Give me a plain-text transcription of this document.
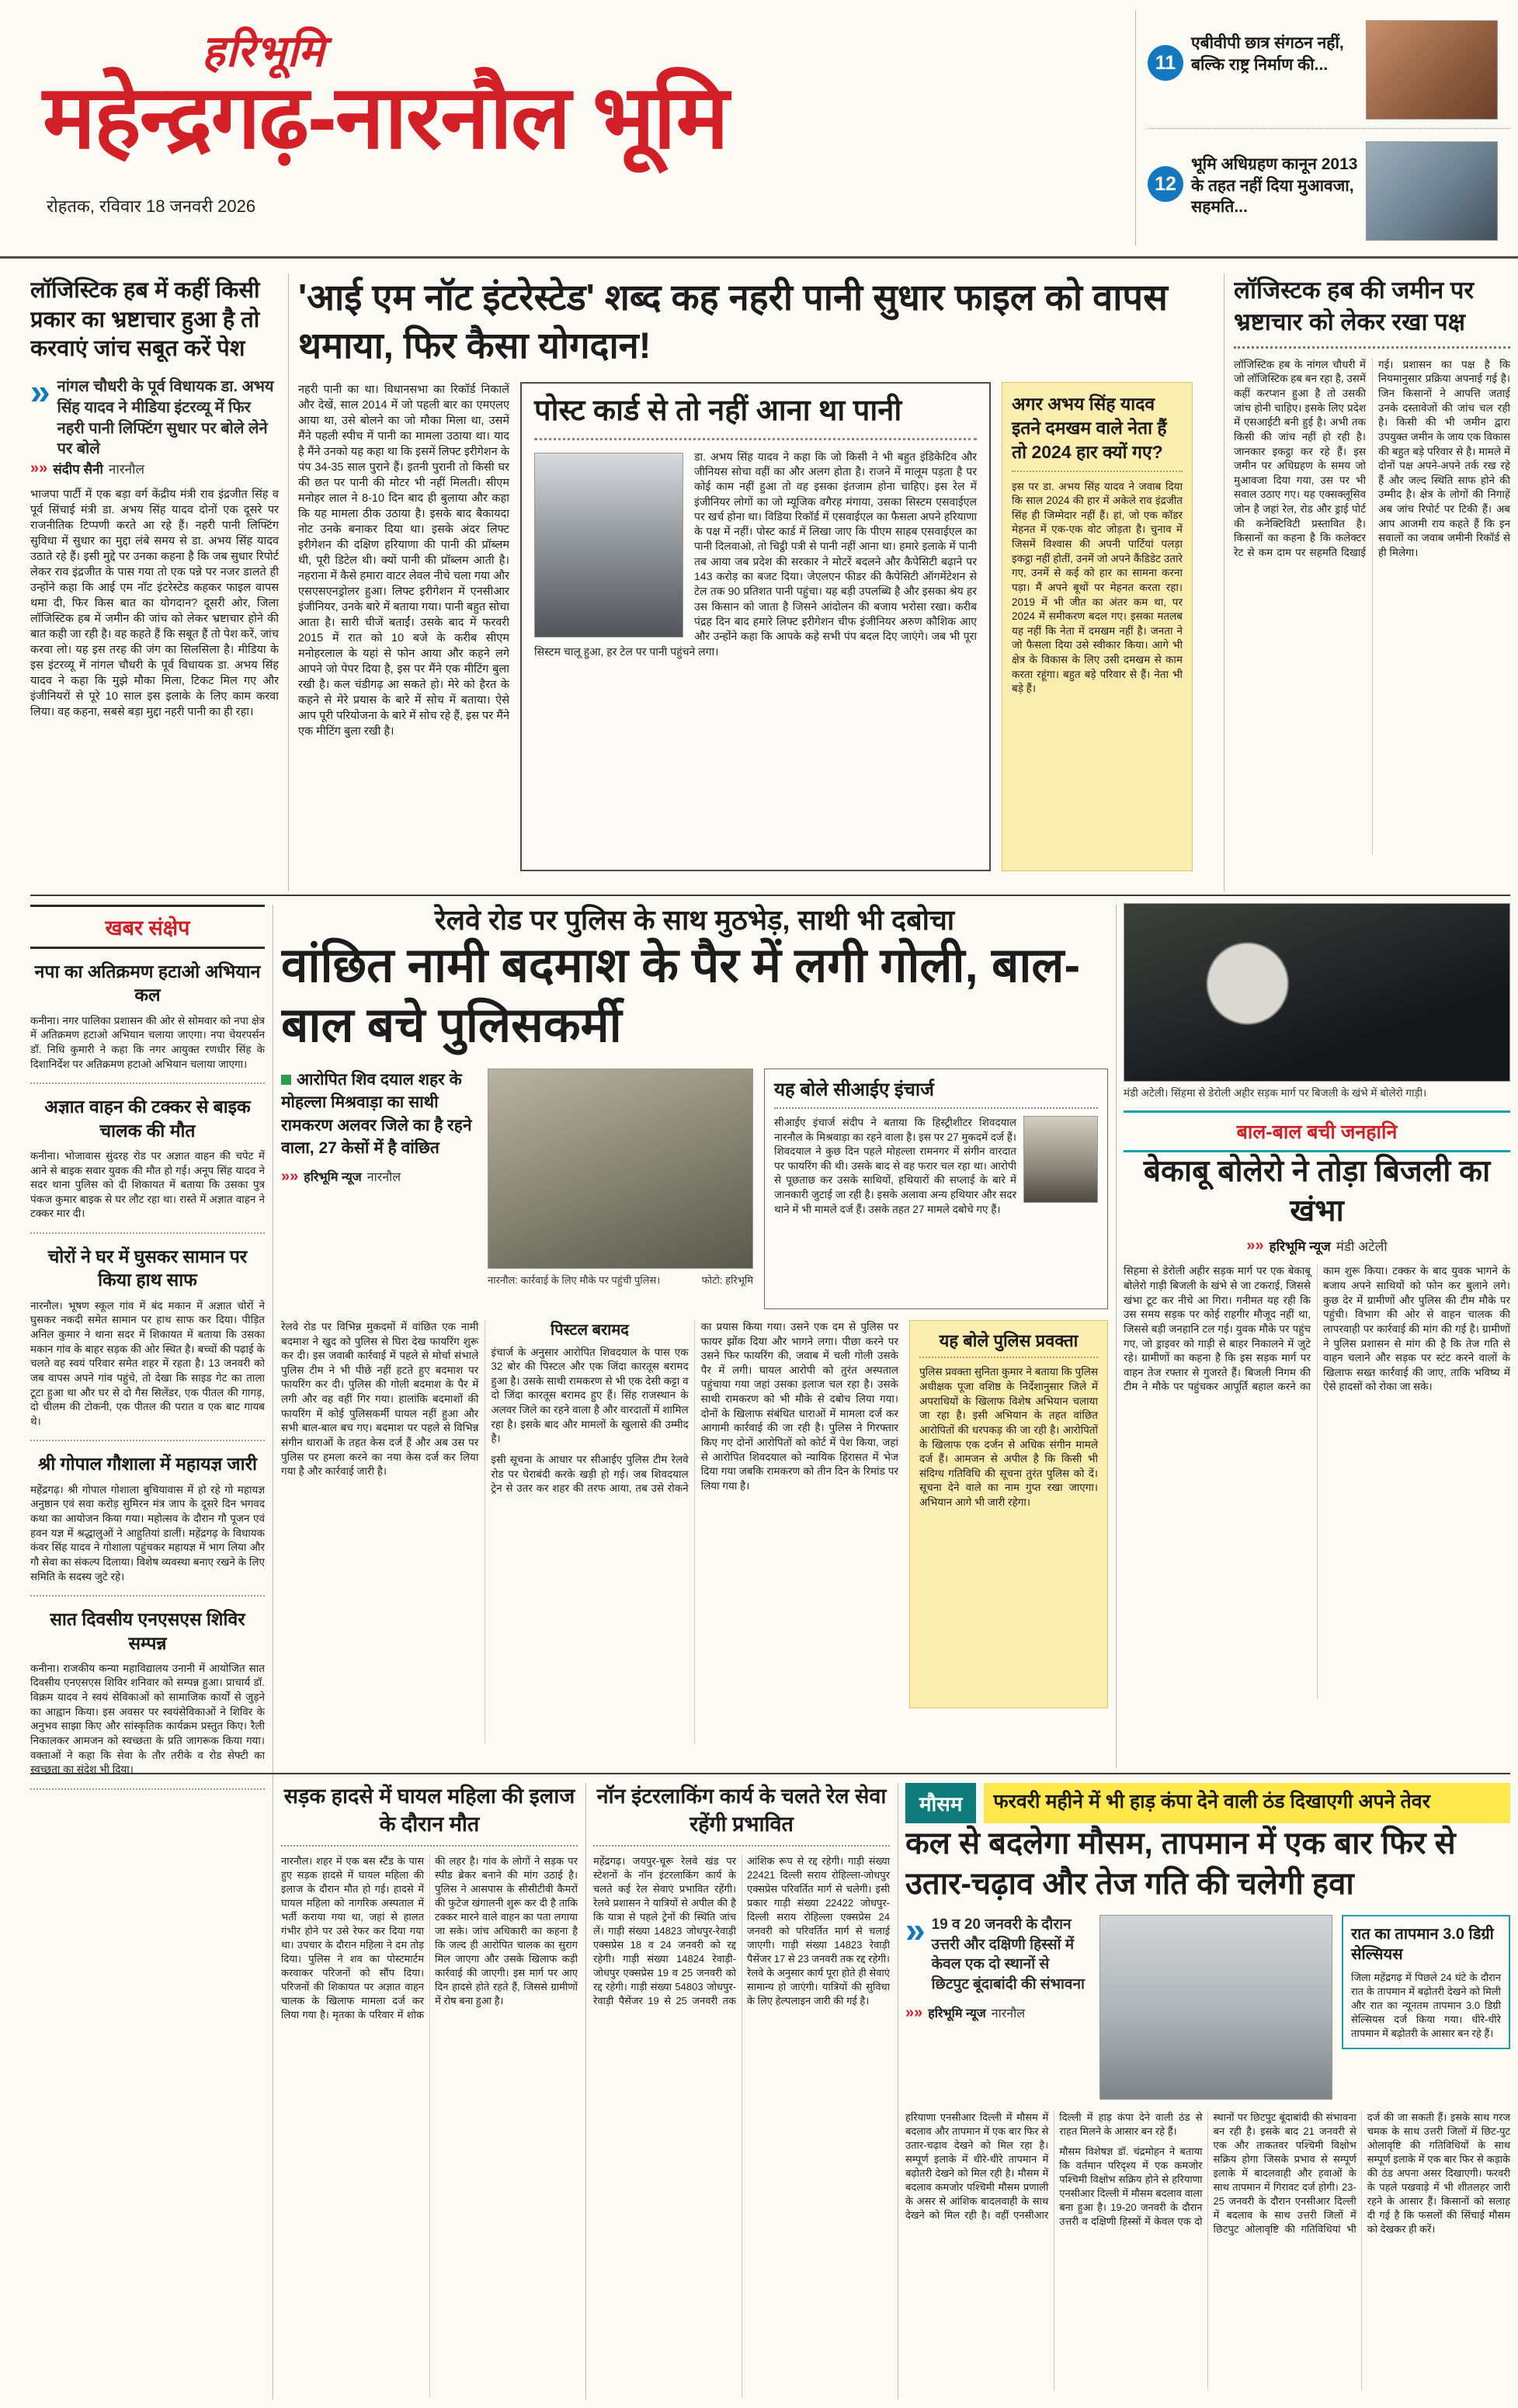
हरिभूमि
महेन्द्रगढ़-नारनौल भूमि
रोहतक, रविवार 18 जनवरी 2026
11
एबीवीपी छात्र संगठन नहीं, बल्कि राष्ट्र निर्माण की...
12
भूमि अधिग्रहण कानून 2013 के तहत नहीं दिया मुआवजा, सहमति...
लॉजिस्टिक हब में कहीं किसी प्रकार का भ्रष्टाचार हुआ है तो करवाएं जांच सबूत करें पेश
» नांगल चौधरी के पूर्व विधायक डा. अभय सिंह यादव ने मीडिया इंटरव्यू में फिर नहरी पानी लिफ्टिंग सुधार पर बोले लेने पर बोले
»» संदीप सैनी नारनौल
भाजपा पार्टी में एक बड़ा वर्ग केंद्रीय मंत्री राव इंद्रजीत सिंह व पूर्व सिंचाई मंत्री डा. अभय सिंह यादव दोनों एक दूसरे पर राजनीतिक टिप्पणी करते आ रहे हैं। नहरी पानी लिफ्टिंग सुविधा में सुधार का मुद्दा लंबे समय से डा. अभय सिंह यादव उठाते रहे हैं। इसी मुद्दे पर उनका कहना है कि जब सुधार रिपोर्ट लेकर राव इंद्रजीत के पास गया तो एक पन्ने पर नजर डालते ही उन्होंने कहा कि आई एम नॉट इंटरेस्टेड कहकर फाइल वापस थमा दी, फिर किस बात का योगदान? दूसरी ओर, जिला लॉजिस्टिक हब में जमीन की जांच को लेकर भ्रष्टाचार होने की बात कही जा रही है। वह कहते हैं कि सबूत हैं तो पेश करें, जांच करवा लो। यह इस तरह की जंग का सिलसिला है। मीडिया के इस इंटरव्यू में नांगल चौधरी के पूर्व विधायक डा. अभय सिंह यादव ने कहा कि मुझे मौका मिला, टिकट मिल गए और इंजीनियरों से पूरे 10 साल इस इलाके के लिए काम करवा लिया। वह कहना, सबसे बड़ा मुद्दा नहरी पानी का ही रहा।
'आई एम नॉट इंटरेस्टेड' शब्द कह नहरी पानी सुधार फाइल को वापस थमाया, फिर कैसा योगदान!
नहरी पानी का था। विधानसभा का रिकॉर्ड निकालें और देखें, साल 2014 में जो पहली बार का एमएलए आया था, उसे बोलने का जो मौका मिला था, उसमें मैंने पहली स्पीच में पानी का मामला उठाया था। याद है मैंने उनको यह कहा था कि इसमें लिफ्ट इरीगेशन के पंप 34-35 साल पुराने हैं। इतनी पुरानी तो किसी घर की छत पर पानी की मोटर भी नहीं मिलती। सीएम मनोहर लाल ने 8-10 दिन बाद ही बुलाया और कहा कि यह मामला ठीक उठाया है। इसके बाद बैकायदा नोट उनके बनाकर दिया था। इसके अंदर लिफ्ट इरीगेशन की दक्षिण हरियाणा की पानी की प्रॉब्लम थी, पूरी डिटेल थी। क्यों पानी की प्रॉब्लम आती है। नहराना में कैसे हमारा वाटर लेवल नीचे चला गया और एसएसएनड्रोलर हुआ। लिफ्ट इरीगेशन में एनसीआर इंजीनियर, उनके बारे में बताया गया। पानी बहुत सोचा आता है। सारी चीजें बताईं। उसके बाद में फरवरी 2015 में रात को 10 बजे के करीब सीएम मनोहरलाल के यहां से फोन आया और कहने लगे आपने जो पेपर दिया है, इस पर मैंने एक मीटिंग बुला रखी है। कल चंडीगढ़ आ सकते हो। मेरे को हैरत के कहने से मेरे प्रयास के बारे में सोच में बताया। ऐसे आप पूरी परियोजना के बारे में सोच रहे हैं, इस पर मैंने एक मीटिंग बुला रखी है।
पोस्ट कार्ड से तो नहीं आना था पानी
डा. अभय सिंह यादव ने कहा कि जो किसी ने भी बहुत इंडिकेटिव और जीनियस सोचा वहीं का और अलग होता है। राजने में मालूम पड़ता है पर कोई काम नहीं हुआ तो वह इसका इंतजाम होना चाहिए। इस रेल में इंजीनियर लोगों का जो म्यूजिक वगैरह मंगाया, उसका सिस्टम एसवाईएल पर खर्च होना था। विडिया रिकॉर्ड में एसवाईएल का फैसला अपने हरियाणा के पक्ष में नहीं। पोस्ट कार्ड में लिखा जाए कि पीएम साहब एसवाईएल का पानी दिलवाओ, तो चिट्ठी पत्री से पानी नहीं आना था। हमारे इलाके में पानी तब आया जब प्रदेश की सरकार ने मोटरें बदलने और कैपेसिटी बढ़ाने पर 143 करोड़ का बजट दिया। जेएलएन फीडर की कैपेसिटी ऑगमेंटेशन से टेल तक 90 प्रतिशत पानी पहुंचा। यह बड़ी उपलब्धि है और इसका श्रेय हर उस किसान को जाता है जिसने आंदोलन की बजाय भरोसा रखा। करीब पंद्रह दिन बाद हमारे लिफ्ट इरीगेशन चीफ इंजीनियर अरुण कौशिक आए और उन्होंने कहा कि आपके कहे सभी पंप बदल दिए जाएंगे। जब भी पूरा सिस्टम चालू हुआ, हर टेल पर पानी पहुंचने लगा।
अगर अभय सिंह यादव इतने दमखम वाले नेता हैं तो 2024 हार क्यों गए?
इस पर डा. अभय सिंह यादव ने जवाब दिया कि साल 2024 की हार में अकेले राव इंद्रजीत सिंह ही जिम्मेदार नहीं हैं। हां, जो एक कॉडर मेहनत में एक-एक वोट जोड़ता है। चुनाव में जिसमें विश्वास की अपनी पार्टियां पलड़ा इकट्ठा नहीं होतीं, उनमें जो अपने कैंडिडेट उतारे गए, उनमें से कई को हार का सामना करना पड़ा। मैं अपने बूथों पर मेहनत करता रहा। 2019 में भी जीत का अंतर कम था, पर 2024 में समीकरण बदल गए। इसका मतलब यह नहीं कि नेता में दमखम नहीं है। जनता ने जो फैसला दिया उसे स्वीकार किया। आगे भी क्षेत्र के विकास के लिए उसी दमखम से काम करता रहूंगा। बहुत बड़े परिवार से हैं। नेता भी बड़े हैं।
लॉजिस्टक हब की जमीन पर भ्रष्टाचार को लेकर रखा पक्ष
लॉजिस्टिक हब के नांगल चौधरी में जो लॉजिस्टिक हब बन रहा है, उसमें कहीं करप्शन हुआ है तो उसकी जांच होनी चाहिए। इसके लिए प्रदेश में एसआईटी बनी हुई है। अभी तक किसी की जांच नहीं हो रही है। जानकार इकट्ठा कर रहे हैं। इस जमीन पर अधिग्रहण के समय जो मुआवजा दिया गया, उस पर भी सवाल उठाए गए। यह एक्सक्लूसिव जोन है जहां रेल, रोड और ड्राई पोर्ट की कनेक्टिविटी प्रस्तावित है। किसानों का कहना है कि कलेक्टर रेट से कम दाम पर सहमति दिखाई गई। प्रशासन का पक्ष है कि नियमानुसार प्रक्रिया अपनाई गई है। जिन किसानों ने आपत्ति जताई उनके दस्तावेजों की जांच चल रही है। किसी की भी जमीन द्वारा उपयुक्त जमीन के जाय एक विकास की बहुत बड़े परिवार से है। मामले में दोनों पक्ष अपने-अपने तर्क रख रहे हैं और जल्द स्थिति साफ होने की उम्मीद है। क्षेत्र के लोगों की निगाहें अब जांच रिपोर्ट पर टिकी हैं। अब आप आजमी राय कहते हैं कि इन सवालों का जवाब जमीनी रिकॉर्ड से ही मिलेगा।
खबर संक्षेप
नपा का अतिक्रमण हटाओ अभियान कल
कनीना। नगर पालिका प्रशासन की ओर से सोमवार को नपा क्षेत्र में अतिक्रमण हटाओ अभियान चलाया जाएगा। नपा चेयरपर्सन डॉ. निधि कुमारी ने कहा कि नगर आयुक्त रणधीर सिंह के दिशानिर्देश पर अतिक्रमण हटाओ अभियान चलाया जाएगा।
अज्ञात वाहन की टक्कर से बाइक चालक की मौत
कनीना। भोजावास सुंदरह रोड पर अज्ञात वाहन की चपेट में आने से बाइक सवार युवक की मौत हो गई। अनूप सिंह यादव ने सदर थाना पुलिस को दी शिकायत में बताया कि उसका पुत्र पंकज कुमार बाइक से घर लौट रहा था। रास्ते में अज्ञात वाहन ने टक्कर मार दी।
चोरों ने घर में घुसकर सामान पर किया हाथ साफ
नारनौल। भूषण स्कूल गांव में बंद मकान में अज्ञात चोरों ने घुसकर नकदी समेत सामान पर हाथ साफ कर दिया। पीड़ित अनिल कुमार ने थाना सदर में शिकायत में बताया कि उसका मकान गांव के बाहर सड़क की ओर स्थित है। बच्चों की पढ़ाई के चलते वह स्वयं परिवार समेत शहर में रहता है। 13 जनवरी को जब वापस अपने गांव पहुंचे, तो देखा कि साइड गेट का ताला टूटा हुआ था और घर से दो गैस सिलेंडर, एक पीतल की गागड़, दो चीलम की टोकनी, एक पीतल की परात व एक बाट गायब थे।
श्री गोपाल गौशाला में महायज्ञ जारी
महेंद्रगढ़। श्री गोपाल गोशाला बुचियावास में हो रहे गो महायज्ञ अनुष्ठान एवं सवा करोड़ सुमिरन मंत्र जाप के दूसरे दिन भगवद कथा का आयोजन किया गया। महोत्सव के दौरान गौ पूजन एवं हवन यज्ञ में श्रद्धालुओं ने आहुतियां डालीं। महेंद्रगढ़ के विधायक कंवर सिंह यादव ने गोशाला पहुंचकर महायज्ञ में भाग लिया और गौ सेवा का संकल्प दिलाया। विशेष व्यवस्था बनाए रखने के लिए समिति के सदस्य जुटे रहे।
सात दिवसीय एनएसएस शिविर सम्पन्न
कनीना। राजकीय कन्या महाविद्यालय उनानी में आयोजित सात दिवसीय एनएसएस शिविर शनिवार को सम्पन्न हुआ। प्राचार्य डॉ. विक्रम यादव ने स्वयं सेविकाओं को सामाजिक कार्यों से जुड़ने का आह्वान किया। इस अवसर पर स्वयंसेविकाओं ने शिविर के अनुभव साझा किए और सांस्कृतिक कार्यक्रम प्रस्तुत किए। रैली निकालकर आमजन को स्वच्छता के प्रति जागरूक किया गया। वक्ताओं ने कहा कि सेवा के तौर तरीके व रोड सेफ्टी का स्वच्छता का संदेश भी दिया।
रेलवे रोड पर पुलिस के साथ मुठभेड़, साथी भी दबोचा
वांछित नामी बदमाश के पैर में लगी गोली, बाल-बाल बचे पुलिसकर्मी
आरोपित शिव दयाल शहर के मोहल्ला मिश्रवाड़ा का साथी रामकरण अलवर जिले का है रहने वाला, 27 केसों में है वांछित
»» हरिभूमि न्यूज नारनौल
नारनौल: कार्रवाई के लिए मौके पर पहुंची पुलिस।	फोटो: हरिभूमि
यह बोले सीआईए इंचार्ज
सीआईए इंचार्ज संदीप ने बताया कि हिस्ट्रीशीटर शिवदयाल नारनौल के मिश्रवाड़ा का रहने वाला है। इस पर 27 मुकदमें दर्ज हैं। शिवदयाल ने कुछ दिन पहले मोहल्ला रामनगर में संगीन वारदात पर फायरिंग की थी। उसके बाद से वह फरार चल रहा था। आरोपी से पूछताछ कर उसके साथियों, हथियारों की सप्लाई के बारे में जानकारी जुटाई जा रही है। इसके अलावा अन्य हथियार और सदर थाने में भी मामले दर्ज हैं। उसके तहत 27 मामले दबोचे गए हैं।
रेलवे रोड पर विभिन्न मुकदमों में वांछित एक नामी बदमाश ने खुद को पुलिस से घिरा देख फायरिंग शुरू कर दी। इस जवाबी कार्रवाई में पहले से मोर्चा संभाले पुलिस टीम ने भी पीछे नहीं हटते हुए बदमाश पर फायरिंग कर दी। पुलिस की गोली बदमाश के पैर में लगी और वह वहीं गिर गया। हालांकि बदमाशों की फायरिंग में कोई पुलिसकर्मी घायल नहीं हुआ और सभी बाल-बाल बच गए। बदमाश पर पहले से विभिन्न संगीन धाराओं के तहत केस दर्ज हैं और अब उस पर पुलिस पर हमला करने का नया केस दर्ज कर लिया गया है और कार्रवाई जारी है।
पिस्टल बरामद
इंचार्ज के अनुसार आरोपित शिवदयाल के पास एक 32 बोर की पिस्टल और एक जिंदा कारतूस बरामद हुआ है। उसके साथी रामकरण से भी एक देसी कट्टा व दो जिंदा कारतूस बरामद हुए हैं। सिंह राजस्थान के अलवर जिले का रहने वाला है और वारदातों में शामिल रहा है। इसके बाद और मामलों के खुलासे की उम्मीद है।
इसी सूचना के आधार पर सीआईए पुलिस टीम रेलवे रोड पर घेराबंदी करके खड़ी हो गई। जब शिवदयाल ट्रेन से उतर कर शहर की तरफ आया, तब उसे रोकने का प्रयास किया गया। उसने एक दम से पुलिस पर फायर झोंक दिया और भागने लगा। पीछा करने पर उसने फिर फायरिंग की, जवाब में चली गोली उसके पैर में लगी। घायल आरोपी को तुरंत अस्पताल पहुंचाया गया जहां उसका इलाज चल रहा है। उसके साथी रामकरण को भी मौके से दबोच लिया गया। दोनों के खिलाफ संबंधित धाराओं में मामला दर्ज कर आगामी कार्रवाई की जा रही है। पुलिस ने गिरफ्तार किए गए दोनों आरोपितों को कोर्ट में पेश किया, जहां से आरोपित शिवदयाल को न्यायिक हिरासत में भेज दिया गया जबकि रामकरण को तीन दिन के रिमांड पर लिया गया है।
यह बोले पुलिस प्रवक्ता
पुलिस प्रवक्ता सुनिता कुमार ने बताया कि पुलिस अधीक्षक पूजा वशिष्ठ के निर्देशानुसार जिले में अपराधियों के खिलाफ विशेष अभियान चलाया जा रहा है। इसी अभियान के तहत वांछित आरोपितों की धरपकड़ की जा रही है। आरोपितों के खिलाफ एक दर्जन से अधिक संगीन मामले दर्ज हैं। आमजन से अपील है कि किसी भी संदिग्ध गतिविधि की सूचना तुरंत पुलिस को दें। सूचना देने वाले का नाम गुप्त रखा जाएगा। अभियान आगे भी जारी रहेगा।
मंडी अटेली। सिंहमा से डेरोली अहीर सड़क मार्ग पर बिजली के खंभे में बोलेरो गाड़ी।
बाल-बाल बची जनहानि
बेकाबू बोलेरो ने तोड़ा बिजली का खंभा
»» हरिभूमि न्यूज मंडी अटेली
सिहमा से डेरोली अहीर सड़क मार्ग पर एक बेकाबू बोलेरो गाड़ी बिजली के खंभे से जा टकराई, जिससे खंभा टूट कर नीचे आ गिरा। गनीमत यह रही कि उस समय सड़क पर कोई राहगीर मौजूद नहीं था, जिससे बड़ी जनहानि टल गई। युवक मौके पर पहुंच गए, जो ड्राइवर को गाड़ी से बाहर निकालने में जुटे रहे। ग्रामीणों का कहना है कि इस सड़क मार्ग पर वाहन तेज रफ्तार से गुजरते हैं। बिजली निगम की टीम ने मौके पर पहुंचकर आपूर्ति बहाल करने का काम शुरू किया। टक्कर के बाद युवक भागने के बजाय अपने साथियों को फोन कर बुलाने लगे। कुछ देर में ग्रामीणों और पुलिस की टीम मौके पर पहुंची। विभाग की ओर से वाहन चालक की लापरवाही पर कार्रवाई की मांग की गई है। ग्रामीणों ने पुलिस प्रशासन से मांग की है कि तेज गति से वाहन चलाने और सड़क पर स्टंट करने वालों के खिलाफ सख्त कार्रवाई की जाए, ताकि भविष्य में ऐसे हादसों को रोका जा सके।
सड़क हादसे में घायल महिला की इलाज के दौरान मौत
नारनौल। शहर में एक बस स्टैंड के पास हुए सड़क हादसे में घायल महिला की इलाज के दौरान मौत हो गई। हादसे में घायल महिला को नागरिक अस्पताल में भर्ती कराया गया था, जहां से हालत गंभीर होने पर उसे रेफर कर दिया गया था। उपचार के दौरान महिला ने दम तोड़ दिया। पुलिस ने शव का पोस्टमार्टम करवाकर परिजनों को सौंप दिया। परिजनों की शिकायत पर अज्ञात वाहन चालक के खिलाफ मामला दर्ज कर लिया गया है। मृतका के परिवार में शोक की लहर है। गांव के लोगों ने सड़क पर स्पीड ब्रेकर बनाने की मांग उठाई है। पुलिस ने आसपास के सीसीटीवी कैमरों की फुटेज खंगालनी शुरू कर दी है ताकि टक्कर मारने वाले वाहन का पता लगाया जा सके। जांच अधिकारी का कहना है कि जल्द ही आरोपित चालक का सुराग मिल जाएगा और उसके खिलाफ कड़ी कार्रवाई की जाएगी। इस मार्ग पर आए दिन हादसे होते रहते हैं, जिससे ग्रामीणों में रोष बना हुआ है।
नॉन इंटरलाकिंग कार्य के चलते रेल सेवा रहेंगी प्रभावित
महेंद्रगढ़। जयपुर-चूरू रेलवे खंड पर स्टेशनों के नॉन इंटरलाकिंग कार्य के चलते कई रेल सेवाएं प्रभावित रहेंगी। रेलवे प्रशासन ने यात्रियों से अपील की है कि यात्रा से पहले ट्रेनों की स्थिति जांच लें। गाड़ी संख्या 14823 जोधपुर-रेवाड़ी एक्सप्रेस 18 व 24 जनवरी को रद्द रहेगी। गाड़ी संख्या 14824 रेवाड़ी-जोधपुर एक्सप्रेस 19 व 25 जनवरी को रद्द रहेगी। गाड़ी संख्या 54803 जोधपुर-रेवाड़ी पैसेंजर 19 से 25 जनवरी तक आंशिक रूप से रद्द रहेगी। गाड़ी संख्या 22421 दिल्ली सराय रोहिल्ला-जोधपुर एक्सप्रेस परिवर्तित मार्ग से चलेगी। इसी प्रकार गाड़ी संख्या 22422 जोधपुर-दिल्ली सराय रोहिल्ला एक्सप्रेस 24 जनवरी को परिवर्तित मार्ग से चलाई जाएगी। गाड़ी संख्या 14823 रेवाड़ी पैसेंजर 17 से 23 जनवरी तक रद्द रहेगी। रेलवे के अनुसार कार्य पूरा होते ही सेवाएं सामान्य हो जाएंगी। यात्रियों की सुविधा के लिए हेल्पलाइन जारी की गई है।
मौसम	फरवरी महीने में भी हाड़ कंपा देने वाली ठंड दिखाएगी अपने तेवर
कल से बदलेगा मौसम, तापमान में एक बार फिर से उतार-चढ़ाव और तेज गति की चलेगी हवा
» 19 व 20 जनवरी के दौरान उत्तरी और दक्षिणी हिस्सों में केवल एक दो स्थानों से छिटपुट बूंदाबांदी की संभावना
»» हरिभूमि न्यूज नारनौल
रात का तापमान 3.0 डिग्री सेल्सियस
जिला महेंद्रगढ़ में पिछले 24 घंटे के दौरान रात के तापमान में बढ़ोतरी देखने को मिली और रात का न्यूनतम तापमान 3.0 डिग्री सेल्सियस दर्ज किया गया। धीरे-धीरे तापमान में बढ़ोतरी के आसार बन रहे हैं।
हरियाणा एनसीआर दिल्ली में मौसम में बदलाव और तापमान में एक बार फिर से उतार-चढ़ाव देखने को मिल रहा है। सम्पूर्ण इलाके में धीरे-धीरे तापमान में बढ़ोतरी देखने को मिल रही है। मौसम में बदलाव कमजोर पश्चिमी मौसम प्रणाली के असर से आंशिक बादलवाही के साथ देखने को मिल रही है। वहीं एनसीआर दिल्ली में हाड़ कंपा देने वाली ठंड से राहत मिलने के आसार बन रहे हैं।
मौसम विशेषज्ञ डॉ. चंद्रमोहन ने बताया कि वर्तमान परिदृश्य में एक कमजोर पश्चिमी विक्षोभ सक्रिय होने से हरियाणा एनसीआर दिल्ली में मौसम बदलाव वाला बना हुआ है। 19-20 जनवरी के दौरान उत्तरी व दक्षिणी हिस्सों में केवल एक दो स्थानों पर छिटपुट बूंदाबांदी की संभावना बन रही है। इसके बाद 21 जनवरी से एक और ताकतवर पश्चिमी विक्षोभ सक्रिय होगा जिसके प्रभाव से सम्पूर्ण इलाके में बादलवाही और हवाओं के साथ तापमान में गिरावट दर्ज होगी। 23-25 जनवरी के दौरान एनसीआर दिल्ली में बदलाव के साथ उत्तरी जिलों में छिटपुट ओलावृष्टि की गतिविधियां भी दर्ज की जा सकती हैं। इसके साथ गरज चमक के साथ उत्तरी जिलों में छिट-पुट ओलावृष्टि की गतिविधियों के साथ सम्पूर्ण इलाके में एक बार फिर से कड़ाके की ठंड अपना असर दिखाएगी। फरवरी के पहले पखवाड़े में भी शीतलहर जारी रहने के आसार हैं। किसानों को सलाह दी गई है कि फसलों की सिंचाई मौसम को देखकर ही करें।
